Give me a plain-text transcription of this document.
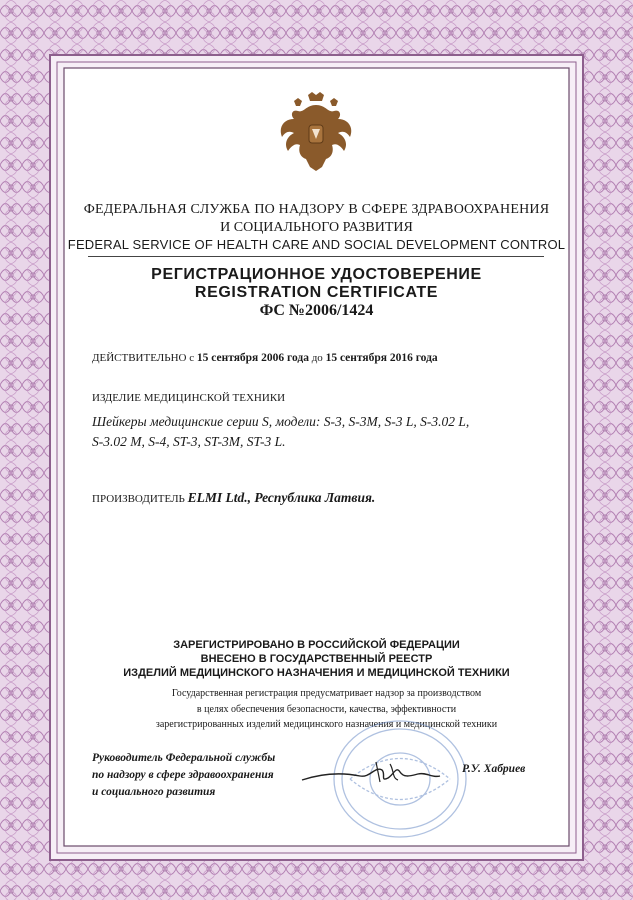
ФЕДЕРАЛЬНАЯ СЛУЖБА ПО НАДЗОРУ В СФЕРЕ ЗДРАВООХРАНЕНИЯ
И СОЦИАЛЬНОГО РАЗВИТИЯ
FEDERAL SERVICE OF HEALTH CARE AND SOCIAL DEVELOPMENT CONTROL
РЕГИСТРАЦИОННОЕ УДОСТОВЕРЕНИЕ
REGISTRATION CERTIFICATE
ФС №2006/1424
ДЕЙСТВИТЕЛЬНО с 15 сентября 2006 года до 15 сентября 2016 года
ИЗДЕЛИЕ МЕДИЦИНСКОЙ ТЕХНИКИ
Шейкеры медицинские серии S, модели: S-3, S-3M, S-3 L, S-3.02 L,
S-3.02 M, S-4, ST-3, ST-3M, ST-3 L.
ПРОИЗВОДИТЕЛЬ ELMI Ltd., Республика Латвия.
ЗАРЕГИСТРИРОВАНО В РОССИЙСКОЙ ФЕДЕРАЦИИ
ВНЕСЕНО В ГОСУДАРСТВЕННЫЙ РЕЕСТР
ИЗДЕЛИЙ МЕДИЦИНСКОГО НАЗНАЧЕНИЯ И МЕДИЦИНСКОЙ ТЕХНИКИ
Государственная регистрация предусматривает надзор за производством
в целях обеспечения безопасности, качества, эффективности
зарегистрированных изделий медицинского назначения и медицинской техники
Руководитель Федеральной службы
по надзору в сфере здравоохранения
и социального развития
Р.У. Хабриев
